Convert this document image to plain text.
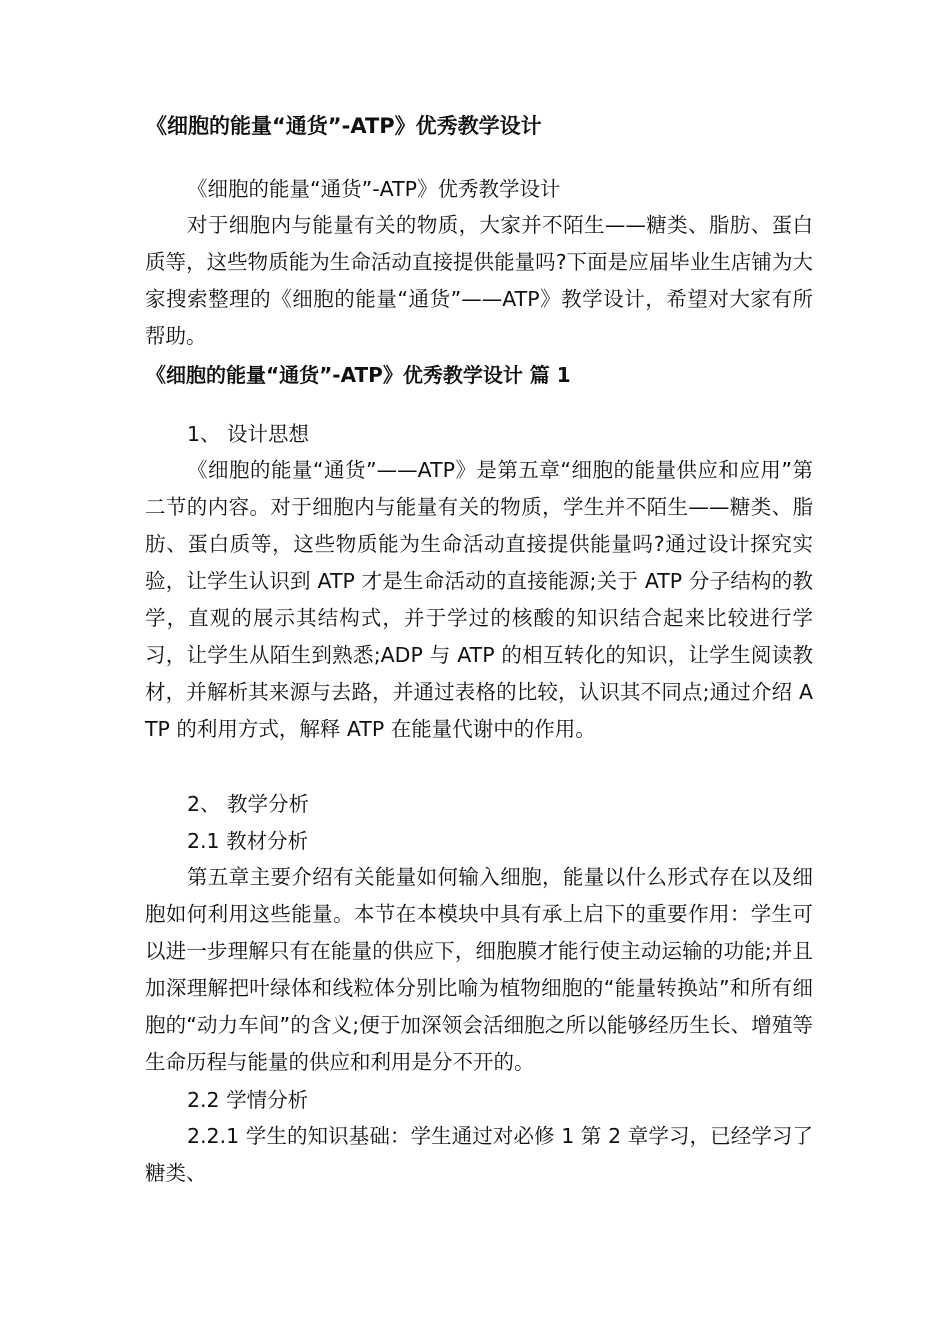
《细胞的能量“通货”-ATP》优秀教学设计
《细胞的能量“通货”-ATP》优秀教学设计
对于细胞内与能量有关的物质，大家并不陌生——糖类、脂肪、蛋白质等，这些物质能为生命活动直接提供能量吗?下面是应届毕业生店铺为大家搜索整理的《细胞的能量“通货”——ATP》教学设计，希望对大家有所帮助。
《细胞的能量“通货”-ATP》优秀教学设计 篇 1
1、 设计思想
《细胞的能量“通货”——ATP》是第五章“细胞的能量供应和应用”第二节的内容。对于细胞内与能量有关的物质，学生并不陌生——糖类、脂肪、蛋白质等，这些物质能为生命活动直接提供能量吗?通过设计探究实验，让学生认识到 ATP 才是生命活动的直接能源;关于 ATP 分子结构的教学，直观的展示其结构式，并于学过的核酸的知识结合起来比较进行学习，让学生从陌生到熟悉;ADP 与 ATP 的相互转化的知识，让学生阅读教材，并解析其来源与去路，并通过表格的比较，认识其不同点;通过介绍 ATP 的利用方式，解释 ATP 在能量代谢中的作用。
2、 教学分析
2.1 教材分析
第五章主要介绍有关能量如何输入细胞，能量以什么形式存在以及细胞如何利用这些能量。本节在本模块中具有承上启下的重要作用：学生可以进一步理解只有在能量的供应下，细胞膜才能行使主动运输的功能;并且加深理解把叶绿体和线粒体分别比喻为植物细胞的“能量转换站”和所有细胞的“动力车间”的含义;便于加深领会活细胞之所以能够经历生长、增殖等生命历程与能量的供应和利用是分不开的。
2.2 学情分析
2.2.1 学生的知识基础：学生通过对必修 1 第 2 章学习，已经学习了糖类、
